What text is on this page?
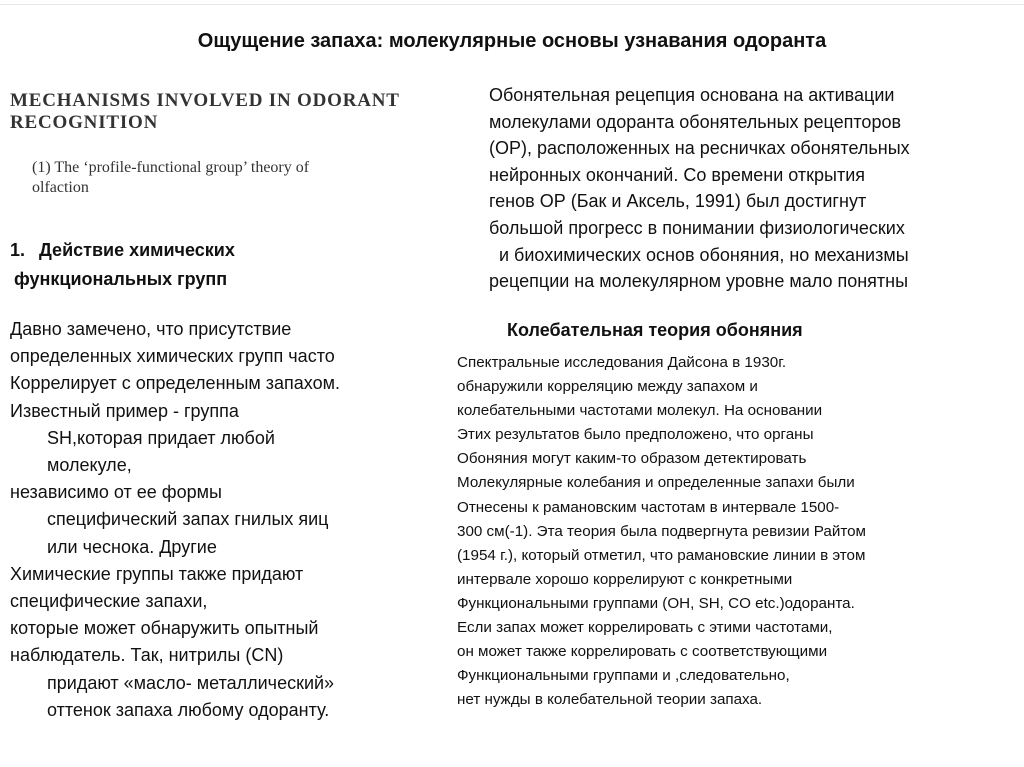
Ощущение запаха: молекулярные основы узнавания одоранта
MECHANISMS INVOLVED IN ODORANT
RECOGNITION
(1) The ‘profile-functional group’ theory of
olfaction
1. Действие химических
функциональных групп
Давно замечено, что присутствие
определенных химических групп часто
Коррелирует с определенным запахом.
Известный пример - группа
SH,которая придает любой
молекуле,
независимо от ее формы
специфический запах гнилых яиц
или чеснока. Другие
Химические группы также придают
специфические запахи,
которые может обнаружить опытный
наблюдатель. Так, нитрилы (CN)
придают «масло- металлический»
оттенок запаха любому одоранту.
Обонятельная рецепция основана на активации
молекулами одоранта обонятельных рецепторов
(ОР), расположенных на ресничках обонятельных
нейронных окончаний. Со времени открытия
генов ОР (Бак и Аксель, 1991) был достигнут
большой прогресс в понимании физиологических
и биохимических основ обоняния, но механизмы
рецепции на молекулярном уровне мало понятны
Колебательная теория обоняния
Спектральные исследования Дайсона в 1930г.
обнаружили корреляцию между запахом и
колебательными частотами молекул. На основании
Этих результатов было предположено, что органы
Обоняния могут каким-то образом детектировать
Молекулярные колебания и определенные запахи были
Отнесены к рамановским частотам в интервале 1500-
300 см(-1). Эта теория была подвергнута ревизии Райтом
(1954 г.), который отметил, что рамановские линии в этом
интервале хорошо коррелируют с конкретными
Функциональными группами (OH, SH, CO etc.)одоранта.
Если запах может коррелировать с этими частотами,
он может также коррелировать с соответствующими
Функциональными группами и ,следовательно,
нет нужды в колебательной теории запаха.
